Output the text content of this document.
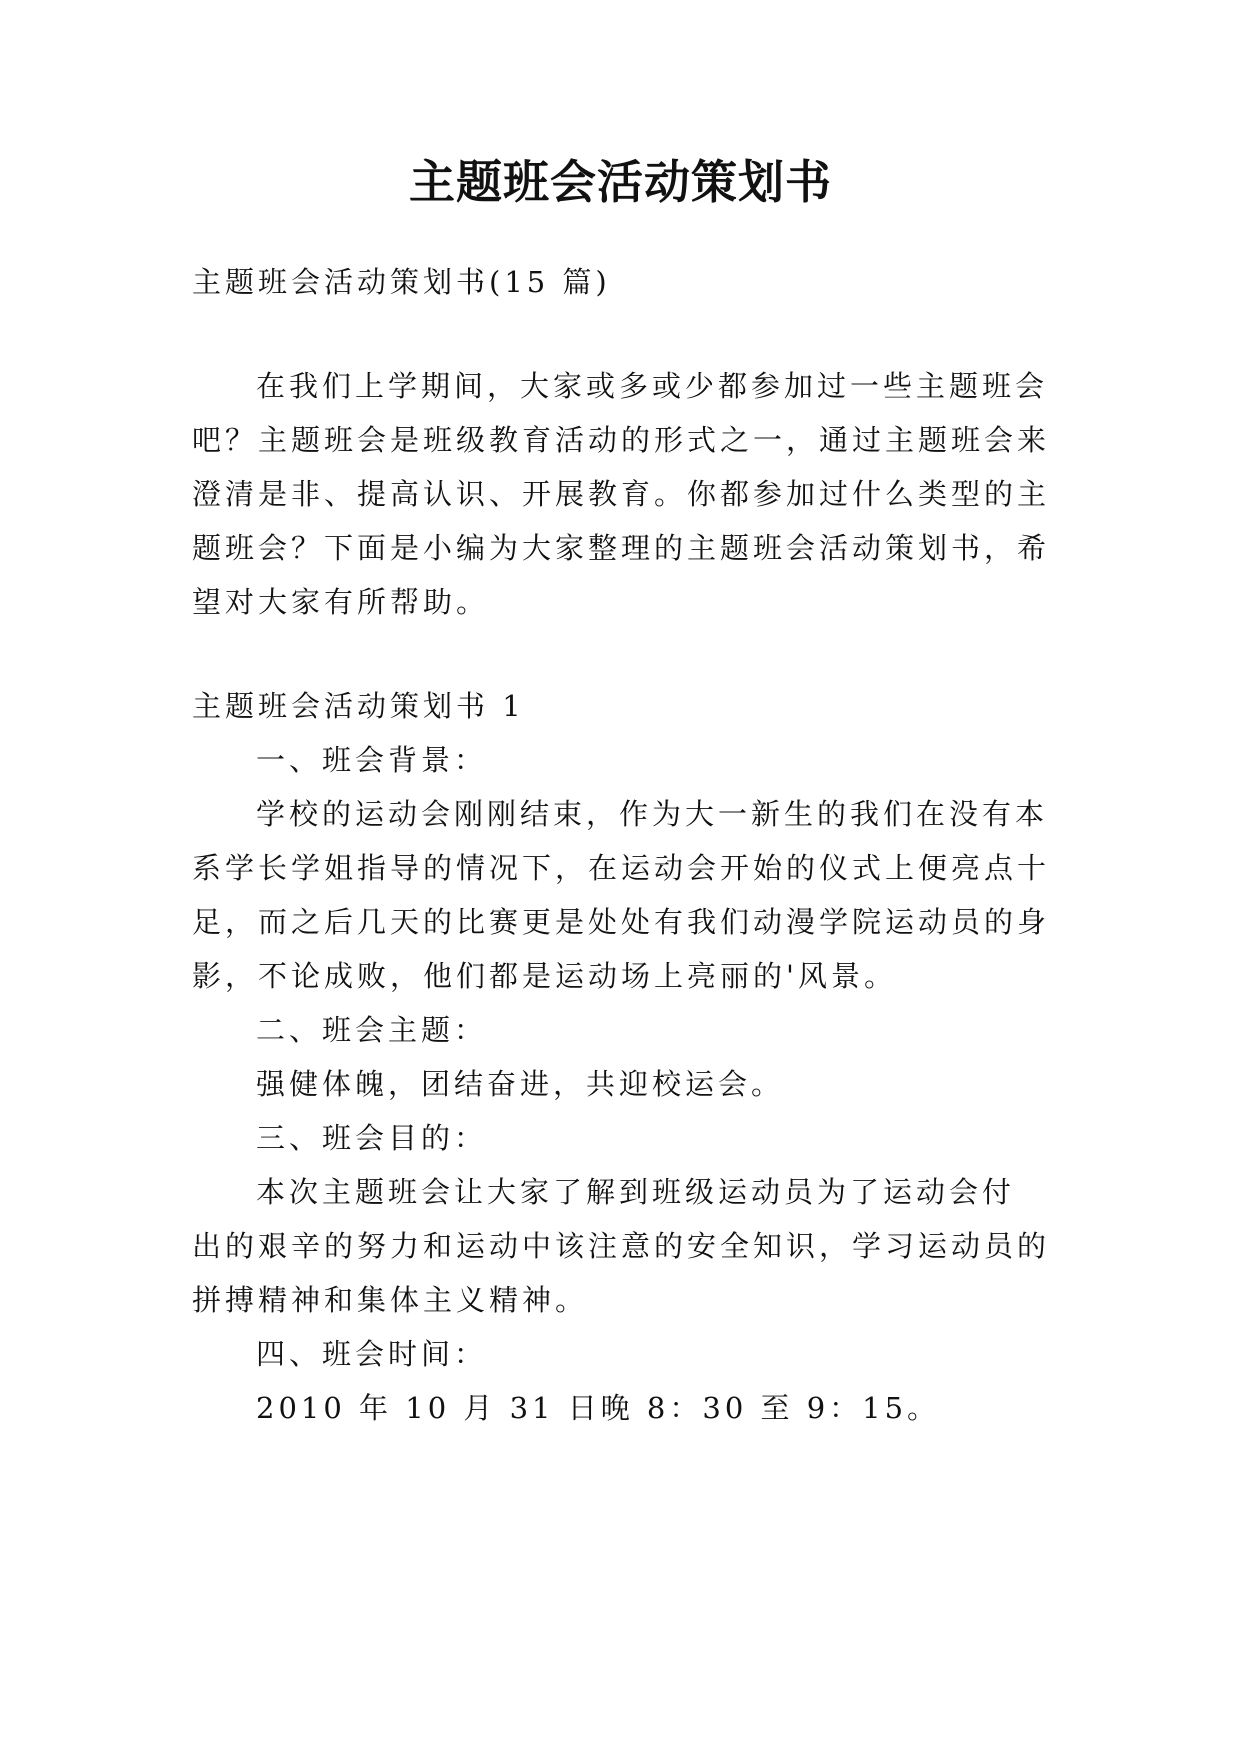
主题班会活动策划书
主题班会活动策划书(15 篇)
在我们上学期间，大家或多或少都参加过一些主题班会
吧？主题班会是班级教育活动的形式之一，通过主题班会来
澄清是非、提高认识、开展教育。你都参加过什么类型的主
题班会？下面是小编为大家整理的主题班会活动策划书，希
望对大家有所帮助。
主题班会活动策划书 1
一、班会背景：
学校的运动会刚刚结束，作为大一新生的我们在没有本
系学长学姐指导的情况下，在运动会开始的仪式上便亮点十
足，而之后几天的比赛更是处处有我们动漫学院运动员的身
影，不论成败，他们都是运动场上亮丽的'风景。
二、班会主题：
强健体魄，团结奋进，共迎校运会。
三、班会目的：
本次主题班会让大家了解到班级运动员为了运动会付
出的艰辛的努力和运动中该注意的安全知识，学习运动员的
拼搏精神和集体主义精神。
四、班会时间：
2010 年 10 月 31 日晚 8：30 至 9：15。
